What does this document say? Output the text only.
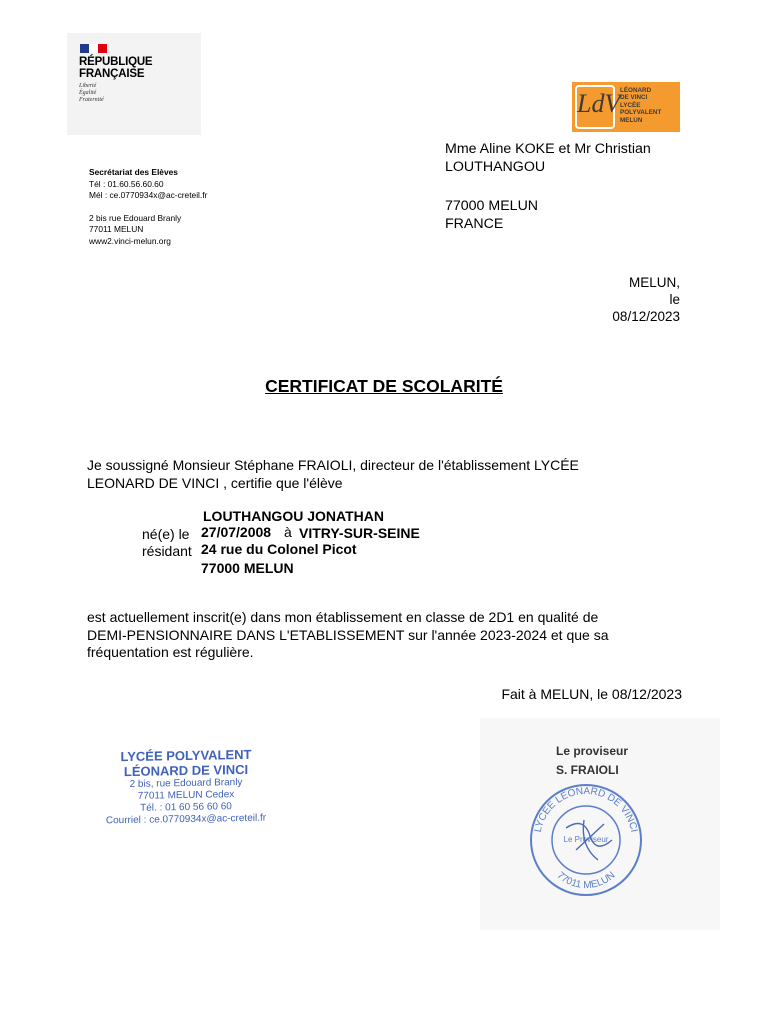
RÉPUBLIQUE
FRANÇAISE
Liberté
Égalité
Fraternité	LdV LÉONARD
DE VINCI
LYCÉE
POLYVALENT
MELUN
Secrétariat des Elèves
Tél : 01.60.56.60.60
Mél : ce.0770934x@ac-creteil.fr
2 bis rue Edouard Branly
77011 MELUN
www2.vinci-melun.org
Mme Aline KOKE et Mr Christian
LOUTHANGOU
77000 MELUN
FRANCE
MELUN,
le 08/12/2023
CERTIFICAT DE SCOLARITÉ
Je soussigné Monsieur Stéphane FRAIOLI, directeur de l'établissement LYCÉE
LEONARD DE VINCI , certifie que l'élève
LOUTHANGOU JONATHAN
né(e) le 27/07/2008 à VITRY-SUR-SEINE
résidant 24 rue du Colonel Picot
77000 MELUN
est actuellement inscrit(e) dans mon établissement en classe de 2D1 en qualité de
DEMI-PENSIONNAIRE DANS L'ETABLISSEMENT sur l'année 2023-2024 et que sa
fréquentation est régulière.
Fait à MELUN, le 08/12/2023
LYCÉE POLYVALENT
LÉONARD DE VINCI
2 bis, rue Edouard Branly
77011 MELUN Cedex
Tél. : 01 60 56 60 60
Courriel : ce.0770934x@ac-creteil.fr
Le proviseur
S. FRAIOLI
LYCÉE LÉONARD DE VINCI
77011 MELUN
Le Proviseur
